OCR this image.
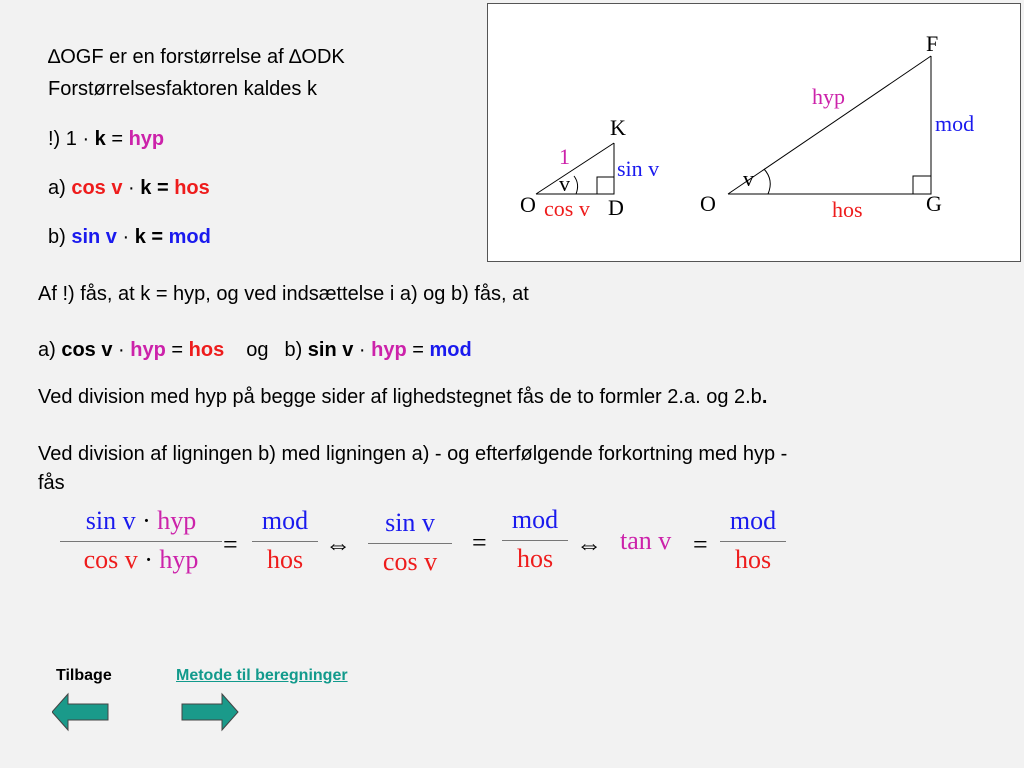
∆OGF er en forstørrelse af ∆ODK
Forstørrelsesfaktoren kaldes k
!) 1 · k = hyp
a) cos v · k = hos
b) sin v · k = mod
K
O	D
1
v
sin v
cos v
F
O	G
hyp
v
mod
hos
Af !) fås, at k = hyp, og ved indsættelse i a) og b) fås, at
a) cos v · hyp = hos og b) sin v · hyp = mod
Ved division med hyp på begge sider af lighedstegnet fås de to formler 2.a. og 2.b.
Ved division af ligningen b) med ligningen a) - og efterfølgende forkortning med hyp -
fås
sin v · hyp
cos v · hyp
=
mod
hos
⇔
sin v
cos v
=
mod
hos ⇔ tan v =
mod
hos
Tilbage	Metode til beregninger
